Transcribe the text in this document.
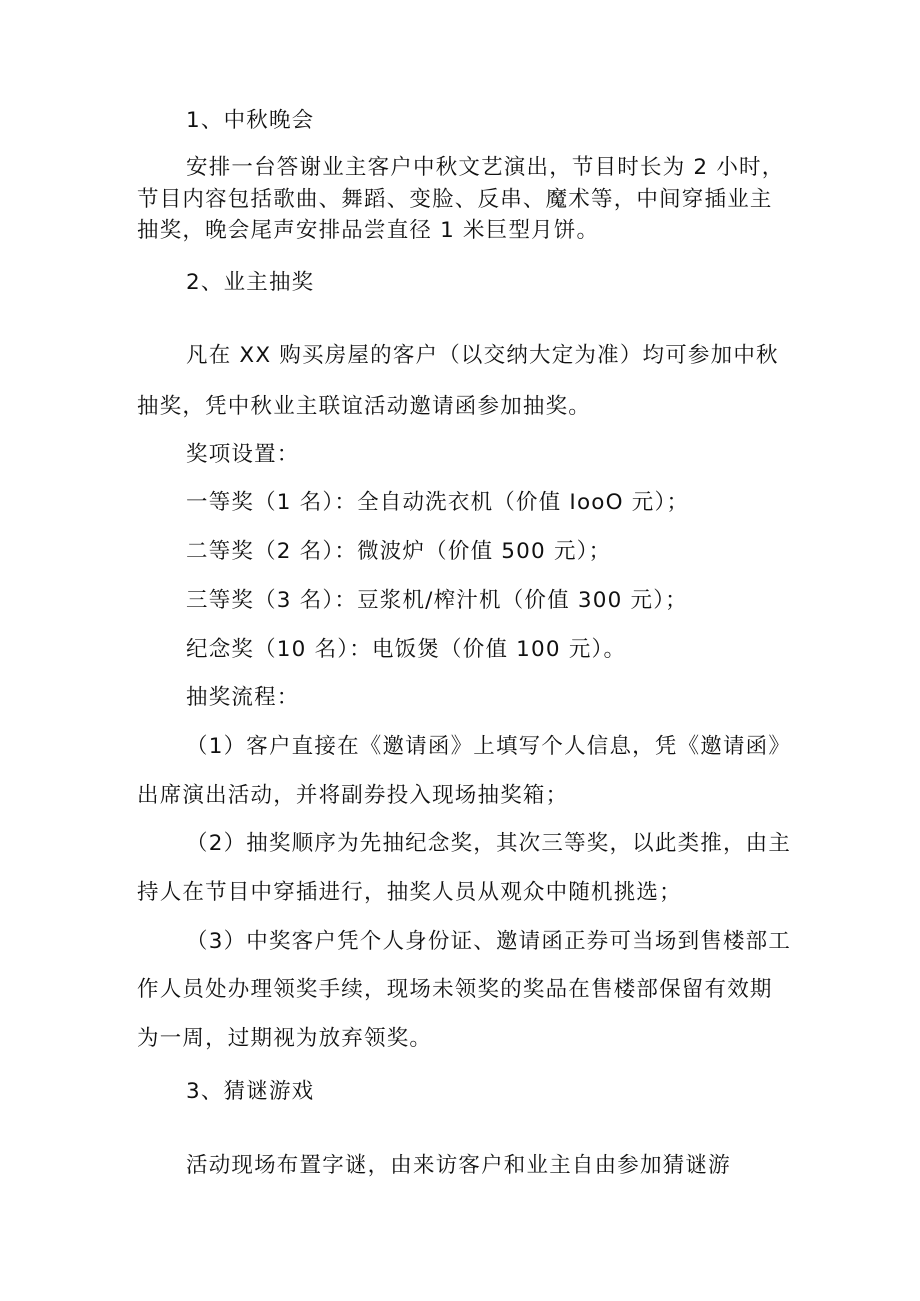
1、中秋晚会
安排一台答谢业主客户中秋文艺演出，节目时长为 2 小时，
节目内容包括歌曲、舞蹈、变脸、反串、魔术等，中间穿插业主
抽奖，晚会尾声安排品尝直径 1 米巨型月饼。
2、业主抽奖
凡在 XX 购买房屋的客户（以交纳大定为准）均可参加中秋
抽奖，凭中秋业主联谊活动邀请函参加抽奖。
奖项设置：
一等奖（1 名）：全自动洗衣机（价值 IooO 元）；
二等奖（2 名）：微波炉（价值 500 元）；
三等奖（3 名）：豆浆机/榨汁机（价值 300 元）；
纪念奖（10 名）：电饭煲（价值 100 元）。
抽奖流程：
（1）客户直接在《邀请函》上填写个人信息，凭《邀请函》
出席演出活动，并将副券投入现场抽奖箱；
（2）抽奖顺序为先抽纪念奖，其次三等奖，以此类推，由主
持人在节目中穿插进行，抽奖人员从观众中随机挑选；
（3）中奖客户凭个人身份证、邀请函正券可当场到售楼部工
作人员处办理领奖手续，现场未领奖的奖品在售楼部保留有效期
为一周，过期视为放弃领奖。
3、猜谜游戏
活动现场布置字谜，由来访客户和业主自由参加猜谜游
